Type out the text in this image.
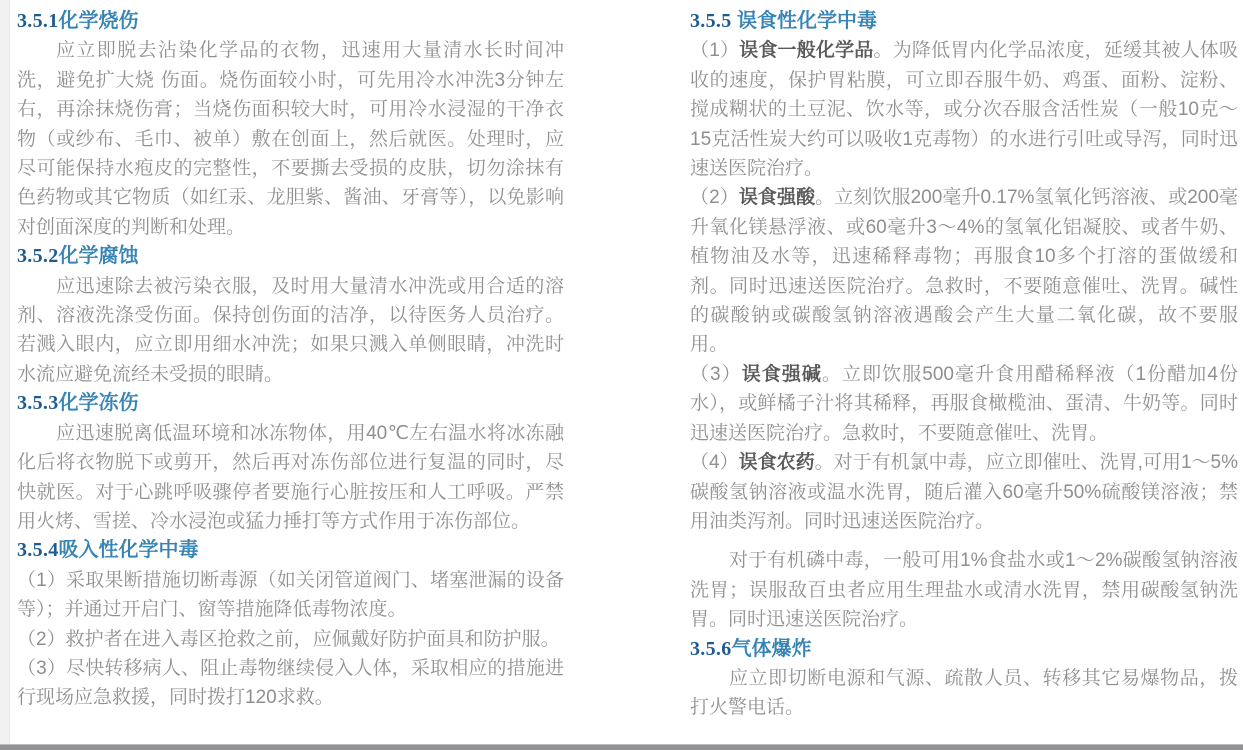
3.5.1化学烧伤

应立即脱去沾染化学品的衣物，迅速用大量清水长时间冲洗，避免扩大烧 伤面。烧伤面较小时，可先用冷水冲洗3分钟左右，再涂抹烧伤膏；当烧伤面积较大时，可用冷水浸湿的干净衣物（或纱布、毛巾、被单）敷在创面上，然后就医。处理时，应尽可能保持水疱皮的完整性，不要撕去受损的皮肤，切勿涂抹有色药物或其它物质（如红汞、龙胆紫、酱油、牙膏等），以免影响对创面深度的判断和处理。

3.5.2化学腐蚀

应迅速除去被污染衣服，及时用大量清水冲洗或用合适的溶剂、溶液洗涤受伤面。保持创伤面的洁净，以待医务人员治疗。若溅入眼内，应立即用细水冲洗；如果只溅入单侧眼睛，冲洗时水流应避免流经未受损的眼睛。

3.5.3化学冻伤

应迅速脱离低温环境和冰冻物体，用40℃左右温水将冰冻融化后将衣物脱下或剪开，然后再对冻伤部位进行复温的同时，尽快就医。对于心跳呼吸骤停者要施行心脏按压和人工呼吸。严禁用火烤、雪搓、冷水浸泡或猛力捶打等方式作用于冻伤部位。

3.5.4吸入性化学中毒

（1）采取果断措施切断毒源（如关闭管道阀门、堵塞泄漏的设备等）；并通过开启门、窗等措施降低毒物浓度。

（2）救护者在进入毒区抢救之前，应佩戴好防护面具和防护服。

（3）尽快转移病人、阻止毒物继续侵入人体，采取相应的措施进行现场应急救援，同时拨打120求救。

3.5.5 误食性化学中毒

（1）误食一般化学品。为降低胃内化学品浓度，延缓其被人体吸收的速度，保护胃粘膜，可立即吞服牛奶、鸡蛋、面粉、淀粉、搅成糊状的土豆泥、饮水等，或分次吞服含活性炭（一般10克～15克活性炭大约可以吸收1克毒物）的水进行引吐或导泻，同时迅速送医院治疗。

（2）误食强酸。立刻饮服200毫升0.17%氢氧化钙溶液、或200毫升氧化镁悬浮液、或60毫升3～4%的氢氧化铝凝胶、或者牛奶、植物油及水等，迅速稀释毒物；再服食10多个打溶的蛋做缓和剂。同时迅速送医院治疗。急救时，不要随意催吐、洗胃。碱性的碳酸钠或碳酸氢钠溶液遇酸会产生大量二氧化碳，故不要服用。

（3）误食强碱。立即饮服500毫升食用醋稀释液（1份醋加4份水），或鲜橘子汁将其稀释，再服食橄榄油、蛋清、牛奶等。同时迅速送医院治疗。急救时，不要随意催吐、洗胃。

（4）误食农药。对于有机氯中毒，应立即催吐、洗胃,可用1～5%碳酸氢钠溶液或温水洗胃，随后灌入60毫升50%硫酸镁溶液；禁用油类泻剂。同时迅速送医院治疗。

对于有机磷中毒，一般可用1%食盐水或1～2%碳酸氢钠溶液洗胃；误服敌百虫者应用生理盐水或清水洗胃，禁用碳酸氢钠洗胃。同时迅速送医院治疗。

3.5.6气体爆炸

应立即切断电源和气源、疏散人员、转移其它易爆物品，拨打火警电话。
